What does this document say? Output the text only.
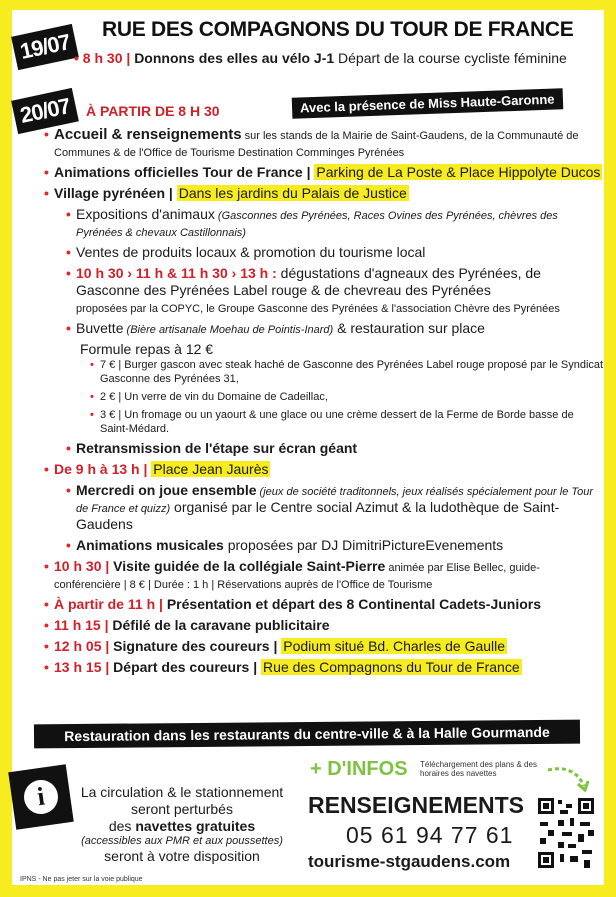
19/07	RUE DES COMPAGNONS DU TOUR DE FRANCE
• 8 h 30 | Donnons des elles au vélo J-1 Départ de la course cycliste féminine
20/07	Avec la présence de Miss Haute-Garonne
À PARTIR DE 8 H 30
• Accueil & renseignements sur les stands de la Mairie de Saint-Gaudens, de la Communauté de Communes & de l'Office de Tourisme Destination Comminges Pyrénées
• Animations officielles Tour de France | Parking de La Poste & Place Hippolyte Ducos
• Village pyrénéen | Dans les jardins du Palais de Justice
• Expositions d'animaux (Gasconnes des Pyrénées, Races Ovines des Pyrénées, chèvres des Pyrénées & chevaux Castillonnais)
• Ventes de produits locaux & promotion du tourisme local
• 10 h 30 › 11 h & 11 h 30 › 13 h : dégustations d'agneaux des Pyrénées, de Gasconne des Pyrénées Label rouge & de chevreau des Pyrénées
proposées par la COPYC, le Groupe Gasconne des Pyrénées & l'association Chèvre des Pyrénées
• Buvette (Bière artisanale Moehau de Pointis-Inard) & restauration sur place
Formule repas à 12 €
• 7 € | Burger gascon avec steak haché de Gasconne des Pyrénées Label rouge proposé par le Syndicat Gasconne des Pyrénées 31,
• 2 € | Un verre de vin du Domaine de Cadeillac,
• 3 € | Un fromage ou un yaourt & une glace ou une crème dessert de la Ferme de Borde basse de Saint-Médard.
• Retransmission de l'étape sur écran géant
• De 9 h à 13 h | Place Jean Jaurès
• Mercredi on joue ensemble (jeux de société traditonnels, jeux réalisés spécialement pour le Tour de France et quizz) organisé par le Centre social Azimut & la ludothèque de Saint-Gaudens
• Animations musicales proposées par DJ DimitriPictureEvenements
• 10 h 30 | Visite guidée de la collégiale Saint-Pierre animée par Elise Bellec, guide-conférencière | 8 € | Durée : 1 h | Réservations auprès de l'Office de Tourisme
• À partir de 11 h | Présentation et départ des 8 Continental Cadets-Juniors
• 11 h 15 | Défilé de la caravane publicitaire
• 12 h 05 | Signature des coureurs | Podium situé Bd. Charles de Gaulle
• 13 h 15 | Départ des coureurs | Rue des Compagnons du Tour de France
Restauration dans les restaurants du centre-ville & à la Halle Gourmande
i	La circulation & le stationnement
seront perturbés
des navettes gratuites
(accessibles aux PMR et aux poussettes)
seront à votre disposition
IPNS - Ne pas jeter sur la voie publique
+ D'INFOS Téléchargement des plans & des horaires des navettes
RENSEIGNEMENTS
05 61 94 77 61
tourisme-stgaudens.com
